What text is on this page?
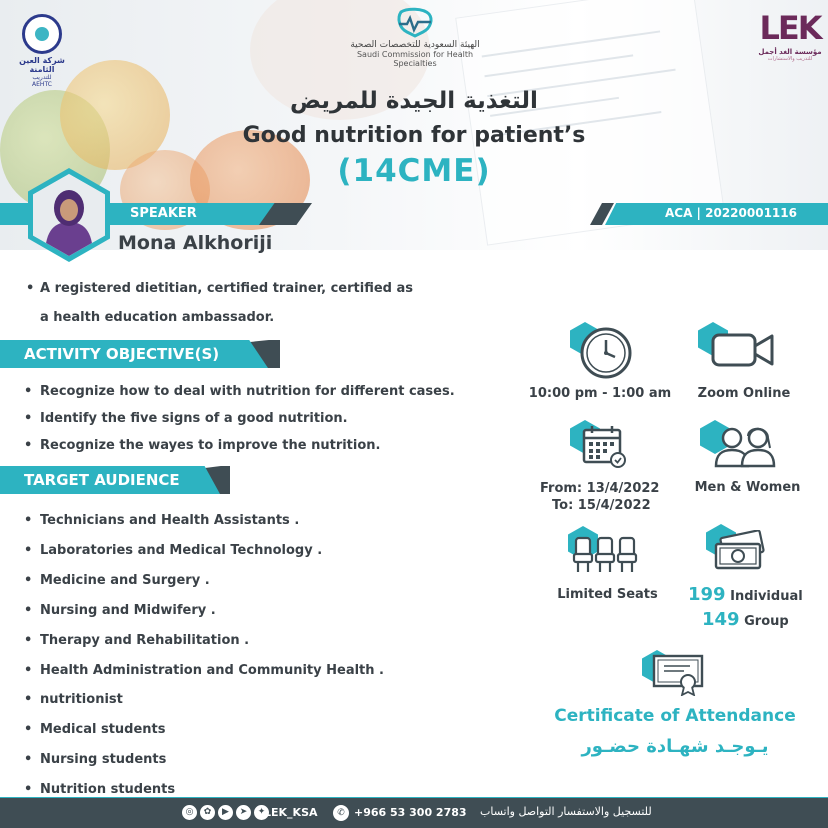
شركة العين الثامنة
للتدريب
AEHTC
الهيئة السعودية للتخصصات الصحية
Saudi Commission for Health Specialties
LEK
مؤسسة الغد أجمل
للتدريب والاستشارات
التغذية الجيدة للمريض
Good nutrition for patient’s
(14CME)
SPEAKER	ACA | 20220001116
Mona Alkhoriji
• A registered dietitian, certified trainer, certified as
a health education ambassador.
ACTIVITY OBJECTIVE(S)
• Recognize how to deal with nutrition for different cases.
• Identify the five signs of a good nutrition.
• Recognize the wayes to improve the nutrition.
TARGET AUDIENCE
• Technicians and Health Assistants .
• Laboratories and Medical Technology .
• Medicine and Surgery .
• Nursing and Midwifery .
• Therapy and Rehabilitation .
• Health Administration and Community Health .
• nutritionist
• Medical students
• Nursing students
• Nutrition students
10:00 pm - 1:00 am	Zoom Online
From: 13/4/2022
To: 15/4/2022
Men & Women
Limited Seats	199 Individual
149 Group
Certificate of Attendance
يـوجـد شهـادة حضـور
◎	✿	▶	➤	✦
LEK_KSA	✆ +966 53 300 2783 للتسجيل والاستفسار التواصل واتساب
